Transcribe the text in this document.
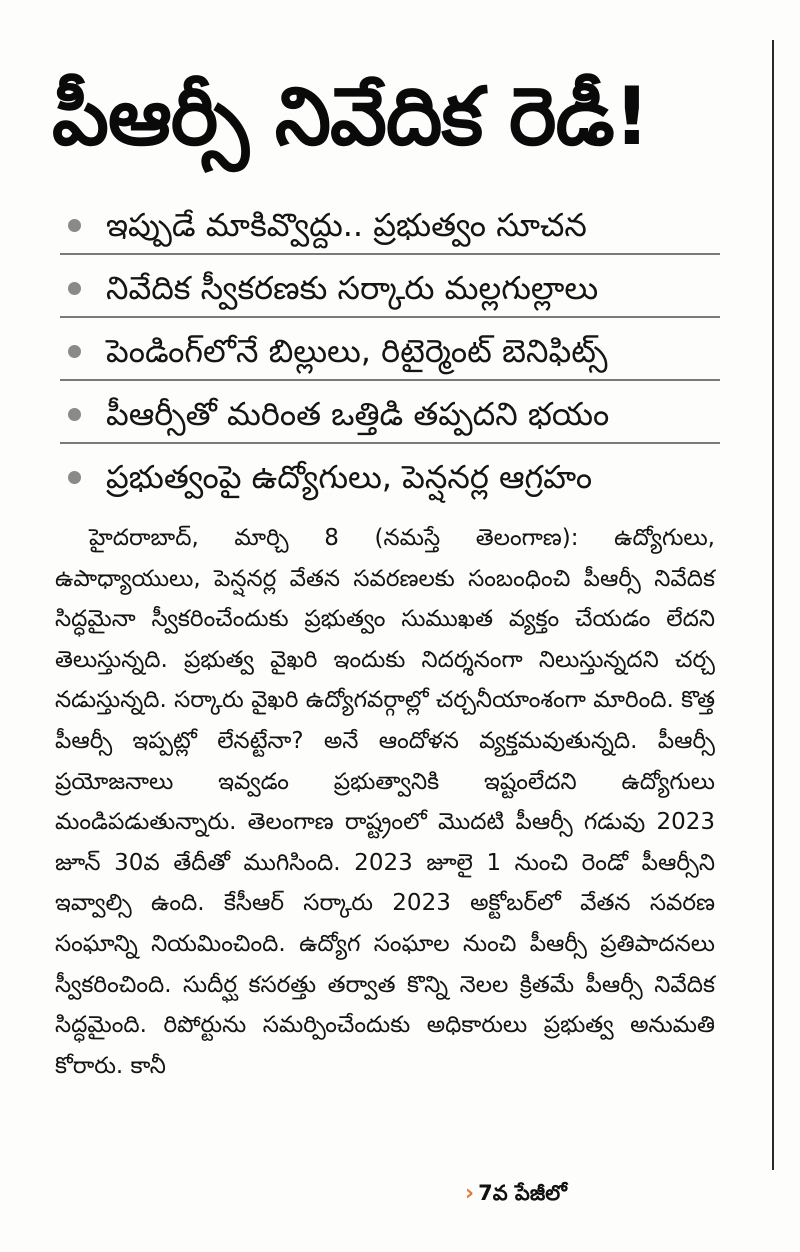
పీఆర్సీ నివేదిక రెడీ!
ఇప్పుడే మాకివ్వొద్దు.. ప్రభుత్వం సూచన
నివేదిక స్వీకరణకు సర్కారు మల్లగుల్లాలు
పెండింగ్‌లోనే బిల్లులు, రిటైర్మెంట్ బెనిఫిట్స్
పీఆర్సీతో మరింత ఒత్తిడి తప్పదని భయం
ప్రభుత్వంపై ఉద్యోగులు, పెన్షనర్ల ఆగ్రహం

హైదరాబాద్, మార్చి 8 (నమస్తే తెలంగాణ): ఉద్యోగులు, ఉపాధ్యాయులు, పెన్షనర్ల వేతన సవరణలకు సంబంధించి పీఆర్సీ నివేదిక సిద్ధమైనా స్వీకరించేందుకు ప్రభుత్వం సుముఖత వ్యక్తం చేయడం లేదని తెలుస్తున్నది. ప్రభుత్వ వైఖరి ఇందుకు నిదర్శనంగా నిలుస్తున్నదని చర్చ నడుస్తున్నది. సర్కారు వైఖరి ఉద్యోగవర్గాల్లో చర్చనీయాంశంగా మారింది. కొత్త పీఆర్సీ ఇప్పట్లో లేనట్టేనా? అనే ఆందోళన వ్యక్తమవుతున్నది. పీఆర్సీ ప్రయోజనాలు ఇవ్వడం ప్రభుత్వానికి ఇష్టంలేదని ఉద్యోగులు మండిపడుతున్నారు. తెలంగాణ రాష్ట్రంలో మొదటి పీఆర్సీ గడువు 2023 జూన్ 30వ తేదీతో ముగిసింది. 2023 జూలై 1 నుంచి రెండో పీఆర్సీని ఇవ్వాల్సి ఉంది. కేసీఆర్ సర్కారు 2023 అక్టోబర్‌లో వేతన సవరణ సంఘాన్ని నియమించింది. ఉద్యోగ సంఘాల నుంచి పీఆర్సీ ప్రతిపాదనలు స్వీకరించింది. సుదీర్ఘ కసరత్తు తర్వాత కొన్ని నెలల క్రితమే పీఆర్సీ నివేదిక సిద్ధమైంది. రిపోర్టును సమర్పించేందుకు అధికారులు ప్రభుత్వ అనుమతి కోరారు. కానీ

› 7వ పేజీలో
